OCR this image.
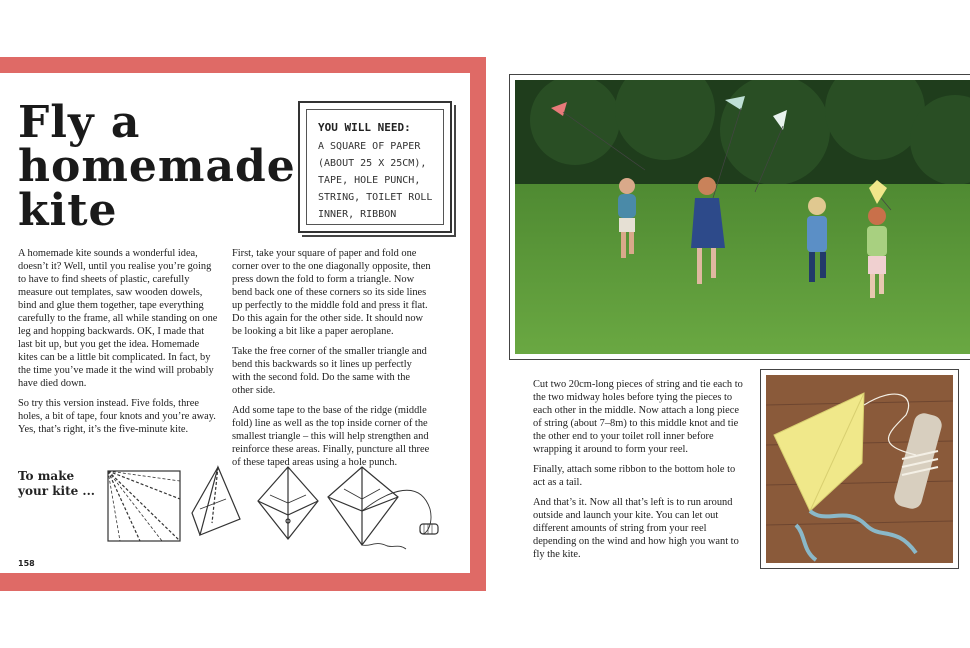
Fly a
homemade
kite
YOU WILL NEED:
A SQUARE OF PAPER (ABOUT 25 X 25CM), TAPE, HOLE PUNCH, STRING, TOILET ROLL INNER, RIBBON

A homemade kite sounds a wonderful idea, doesn’t it? Well, until you realise you’re going to have to find sheets of plastic, carefully measure out templates, saw wooden dowels, bind and glue them together, tape everything carefully to the frame, all while standing on one leg and hopping backwards. OK, I made that last bit up, but you get the idea. Homemade kites can be a little bit complicated. In fact, by the time you’ve made it the wind will probably have died down.

So try this version instead. Five folds, three holes, a bit of tape, four knots and you’re away. Yes, that’s right, it’s the five-minute kite.

First, take your square of paper and fold one corner over to the one diagonally opposite, then press down the fold to form a triangle. Now bend back one of these corners so its side lines up perfectly to the middle fold and press it flat. Do this again for the other side. It should now be looking a bit like a paper aeroplane.

Take the free corner of the smaller triangle and bend this backwards so it lines up perfectly with the second fold. Do the same with the other side.

Add some tape to the base of the ridge (middle fold) line as well as the top inside corner of the smallest triangle – this will help strengthen and reinforce these areas. Finally, puncture all three of these taped areas using a hole punch.

To make
your kite ...
158

Cut two 20cm-long pieces of string and tie each to the two midway holes before tying the pieces to each other in the middle. Now attach a long piece of string (about 7–8m) to this middle knot and tie the other end to your toilet roll inner before wrapping it around to form your reel.

Finally, attach some ribbon to the bottom hole to act as a tail.

And that’s it. Now all that’s left is to run around outside and launch your kite. You can let out different amounts of string from your reel depending on the wind and how high you want to fly the kite.
